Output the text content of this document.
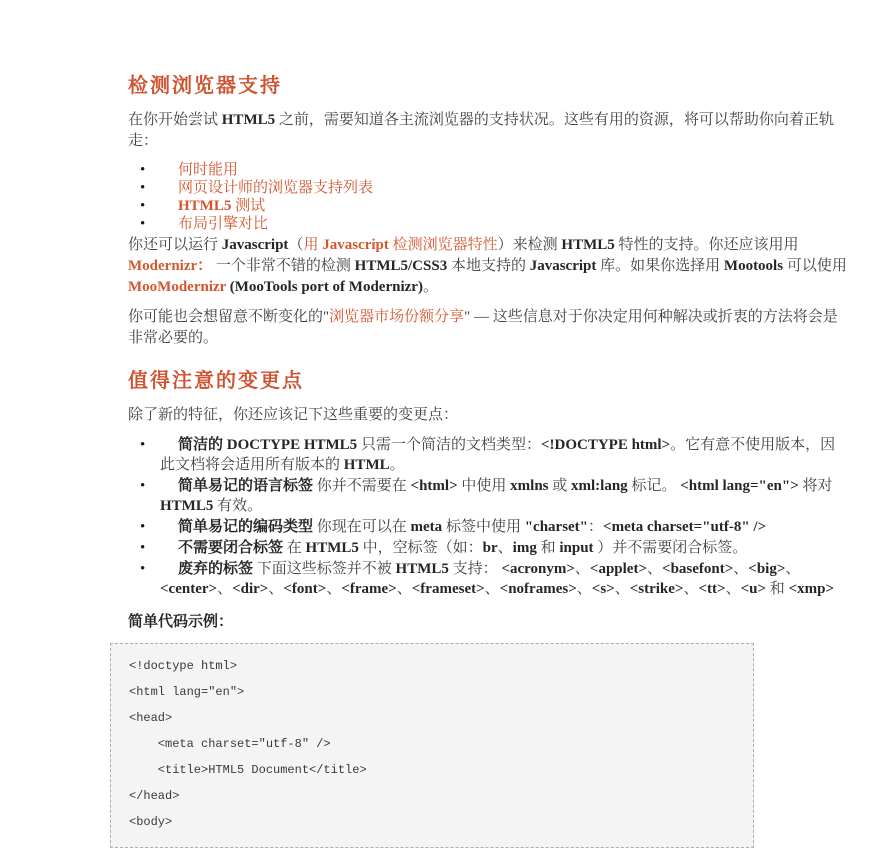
检测浏览器支持

在你开始尝试 HTML5 之前，需要知道各主流浏览器的支持状况。这些有用的资源，将可以帮助你向着正轨走：

• 何时能用
• 网页设计师的浏览器支持列表
• HTML5 测试
• 布局引擎对比

你还可以运行 Javascript（用 Javascript 检测浏览器特性）来检测 HTML5 特性的支持。你还应该用用 Modernizr： 一个非常不错的检测 HTML5/CSS3 本地支持的 Javascript 库。如果你选择用 Mootools 可以使用 MooModernizr (MooTools port of Modernizr)。

你可能也会想留意不断变化的"浏览器市场份额分享" — 这些信息对于你决定用何种解决或折衷的方法将会是非常必要的。

值得注意的变更点

除了新的特征，你还应该记下这些重要的变更点：

• 简洁的 DOCTYPE HTML5 只需一个简洁的文档类型：<!DOCTYPE html>。它有意不使用版本，因此文档将会适用所有版本的 HTML。
• 简单易记的语言标签 你并不需要在 <html> 中使用 xmlns 或 xml:lang 标记。 <html lang="en"> 将对 HTML5 有效。
• 简单易记的编码类型 你现在可以在 meta 标签中使用 "charset"：<meta charset="utf-8" />
• 不需要闭合标签 在 HTML5 中，空标签（如：br、img 和 input ）并不需要闭合标签。
• 废弃的标签 下面这些标签并不被 HTML5 支持： <acronym>、<applet>、<basefont>、<big>、<center>、<dir>、<font>、<frame>、<frameset>、<noframes>、<s>、<strike>、<tt>、<u> 和 <xmp>

简单代码示例：

<!doctype html>
<html lang="en">
<head>
<meta charset="utf-8" />
<title>HTML5 Document</title>
</head>
<body>
